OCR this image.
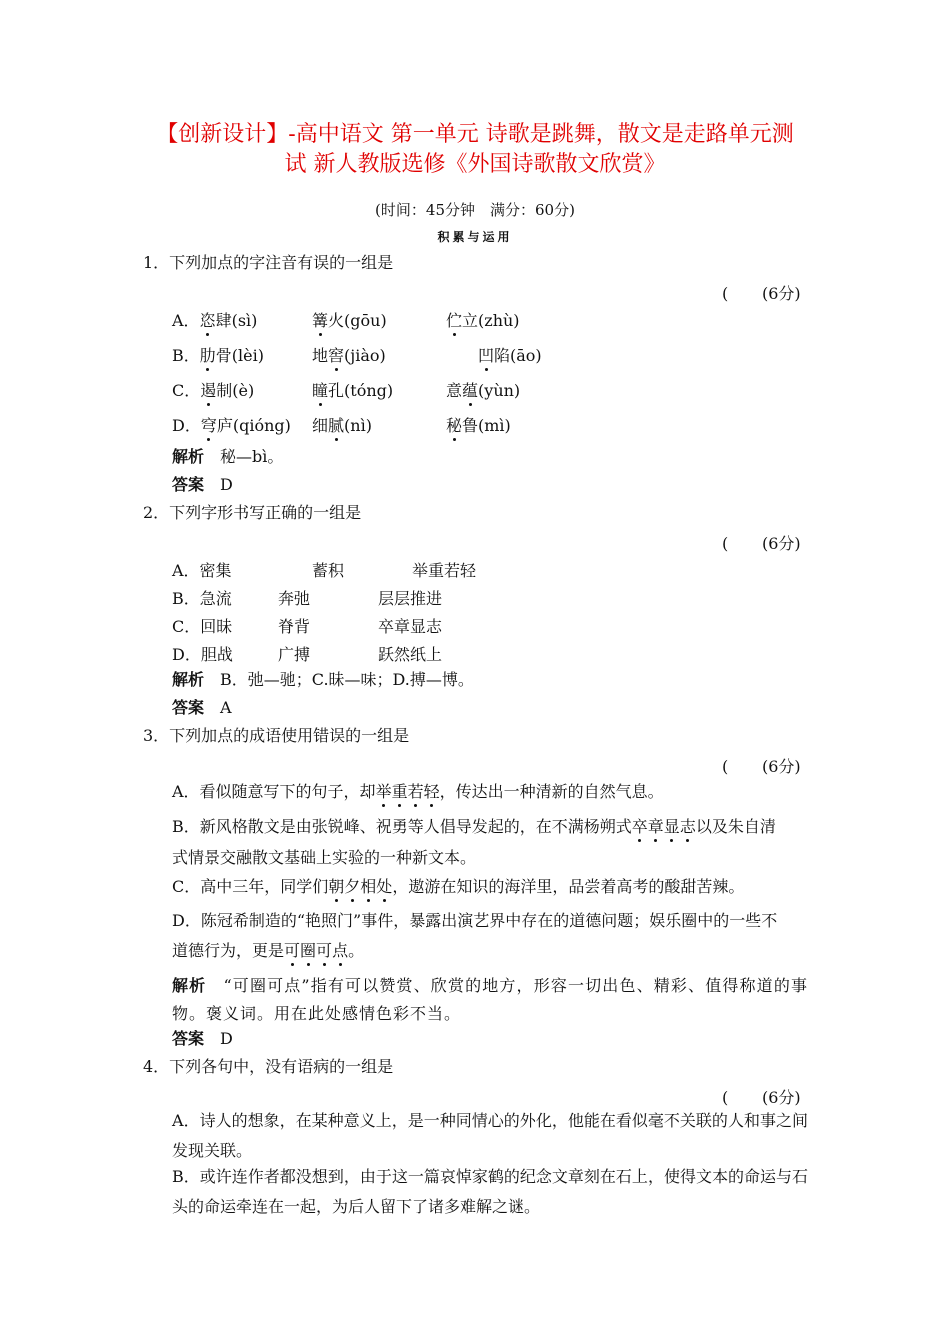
【创新设计】-高中语文 第一单元 诗歌是跳舞，散文是走路单元测
试 新人教版选修《外国诗歌散文欣赏》
(时间：45分钟　满分：60分)
积累与运用
1．下列加点的字注音有误的一组是
( (6分)
A．恣肆(sì)	篝火(gōu)	伫立(zhù)
B．肋骨(lèi)	地窖(jiào)	凹陷(āo)
C．遏制(è)	瞳孔(tóng)	意蕴(yùn)
D．穹庐(qióng) 细腻(nì)	秘鲁(mì)
解析　 秘—bì。
答案　 D
2．下列字形书写正确的一组是
( (6分)
A．密集	蓄积	举重若轻
B．急流	奔弛	层层推进
C．回昧	脊背	卒章显志
D．胆战	广搏	跃然纸上
解析　 B．弛—驰；C.昧—味；D.搏—博。
答案　 A
3．下列加点的成语使用错误的一组是
( (6分)
A．看似随意写下的句子，却举重若轻，传达出一种清新的自然气息。
B．新风格散文是由张锐峰、祝勇等人倡导发起的，在不满杨朔式卒章显志以及朱自清
式情景交融散文基础上实验的一种新文本。
C．高中三年，同学们朝夕相处，遨游在知识的海洋里，品尝着高考的酸甜苦辣。
D．陈冠希制造的“艳照门”事件，暴露出演艺界中存在的道德问题；娱乐圈中的一些不
道德行为，更是可圈可点。
解析　 “可圈可点”指有可以赞赏、欣赏的地方，形容一切出色、精彩、值得称道的事物。褒义词。用在此处感情色彩不当。
答案　 D
4．下列各句中，没有语病的一组是
( (6分)
A．诗人的想象，在某种意义上，是一种同情心的外化，他能在看似毫不关联的人和事之间发现关联。
B．或许连作者都没想到，由于这一篇哀悼家鹤的纪念文章刻在石上，使得文本的命运与石头的命运牵连在一起，为后人留下了诸多难解之谜。
